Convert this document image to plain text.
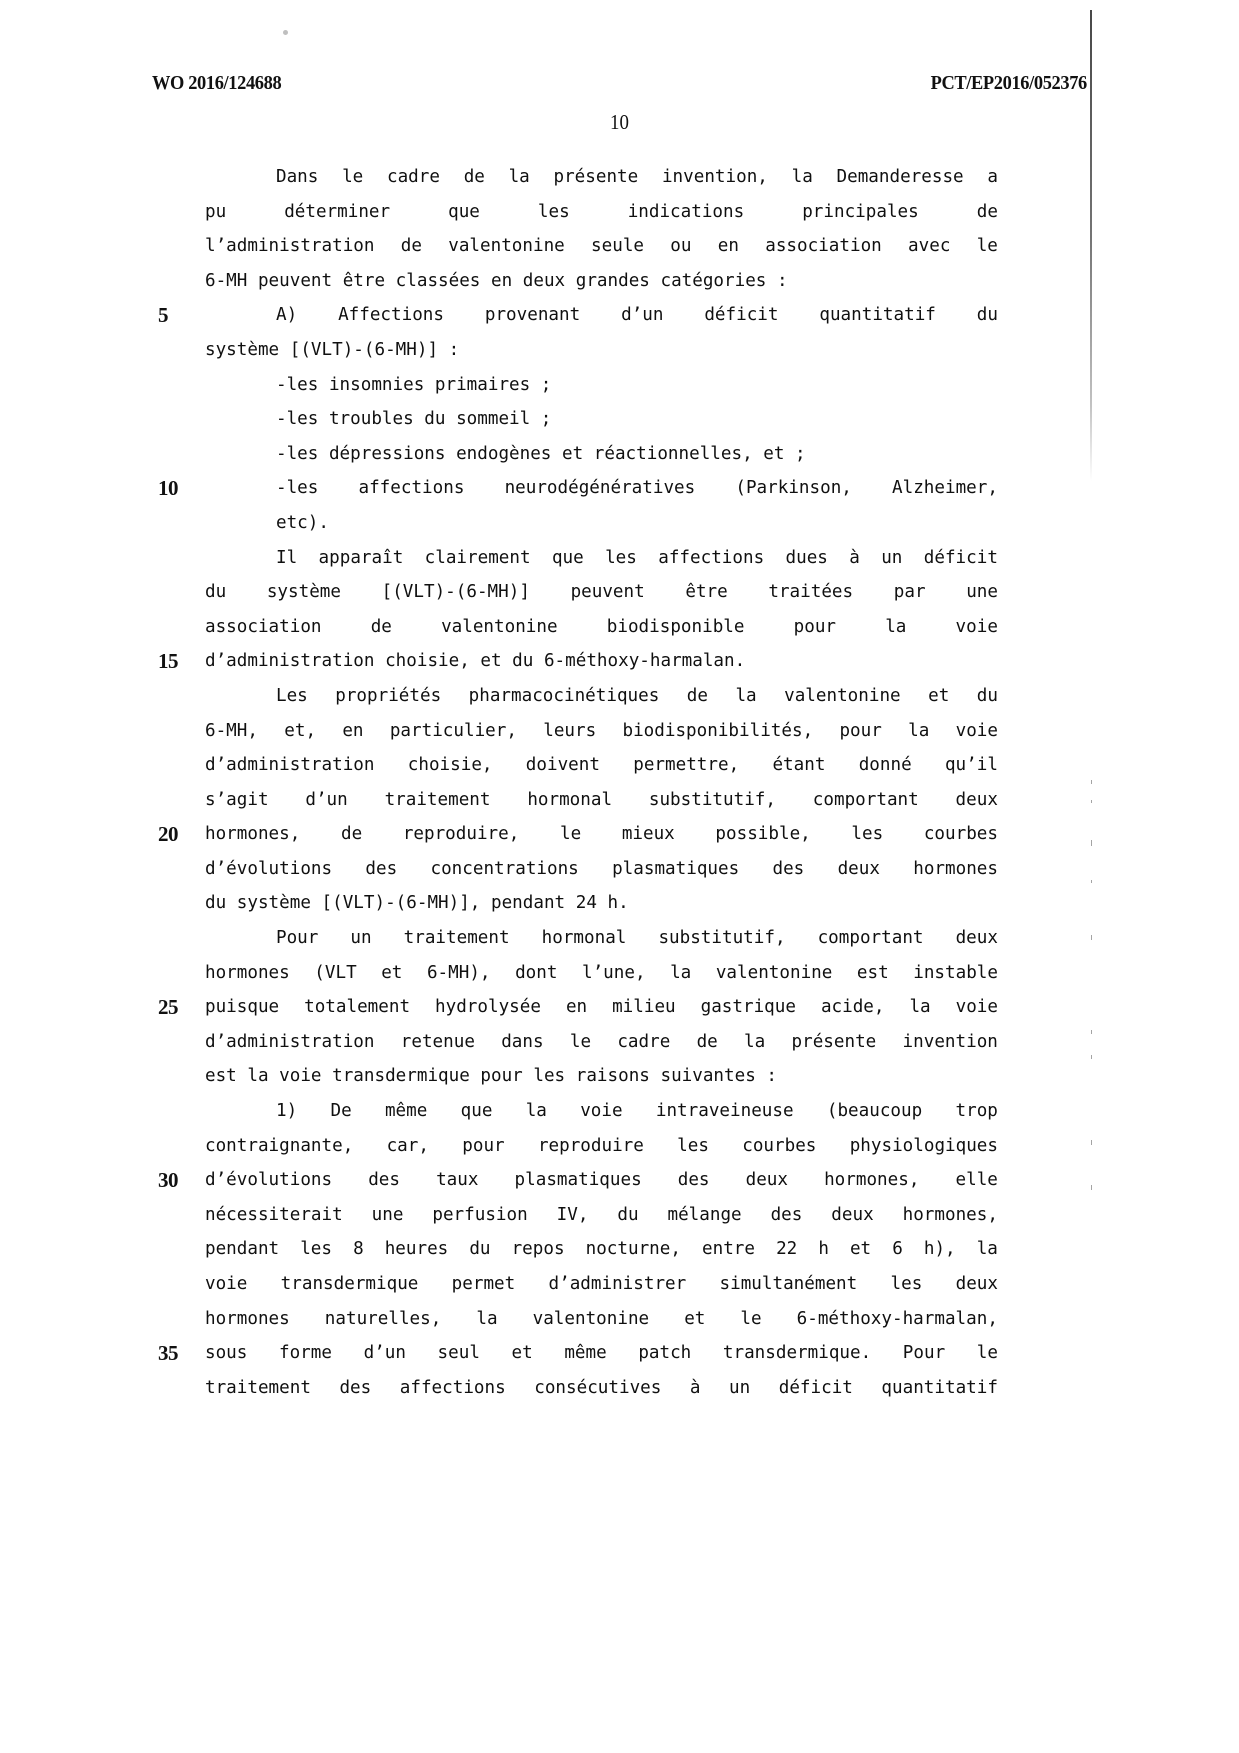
WO 2016/124688	PCT/EP2016/052376
10
Dans le cadre de la présente invention, la Demanderesse a
pu	déterminer	que	les	indications	principales	de
l’administration de valentonine seule ou en association avec le
6-MH peuvent être classées en deux grandes catégories :
5	A) Affections provenant d’un déficit quantitatif du
système [(VLT)-(6-MH)] :
-les insomnies primaires ;
-les troubles du sommeil ;
-les dépressions endogènes et réactionnelles, et ;
10	-les affections neurodégénératives (Parkinson, Alzheimer,
etc).
Il apparaît clairement que les affections dues à un déficit
du système [(VLT)-(6-MH)] peuvent être traitées par une
association	de	valentonine	biodisponible	pour	la	voie
15	d’administration choisie, et du 6-méthoxy-harmalan.
Les propriétés pharmacocinétiques de la valentonine et du
6-MH, et, en particulier, leurs biodisponibilités, pour la voie
d’administration choisie, doivent permettre, étant donné qu’il
s’agit d’un traitement hormonal substitutif, comportant deux
20	hormones, de reproduire, le mieux possible, les courbes
d’évolutions des concentrations plasmatiques des deux hormones
du système [(VLT)-(6-MH)], pendant 24 h.
Pour un traitement hormonal substitutif, comportant deux
hormones (VLT et 6-MH), dont l’une, la valentonine est instable
25	puisque totalement hydrolysée en milieu gastrique acide, la voie
d’administration retenue dans le cadre de la présente invention
est la voie transdermique pour les raisons suivantes :
1) De même que la voie intraveineuse (beaucoup trop
contraignante, car, pour reproduire les courbes physiologiques
30	d’évolutions des taux plasmatiques des deux hormones, elle
nécessiterait une perfusion IV, du mélange des deux hormones,
pendant les 8 heures du repos nocturne, entre 22 h et 6 h), la
voie transdermique permet d’administrer simultanément les deux
hormones naturelles, la valentonine et le 6-méthoxy-harmalan,
35	sous forme d’un seul et même patch transdermique. Pour le
traitement des affections consécutives à un déficit quantitatif
